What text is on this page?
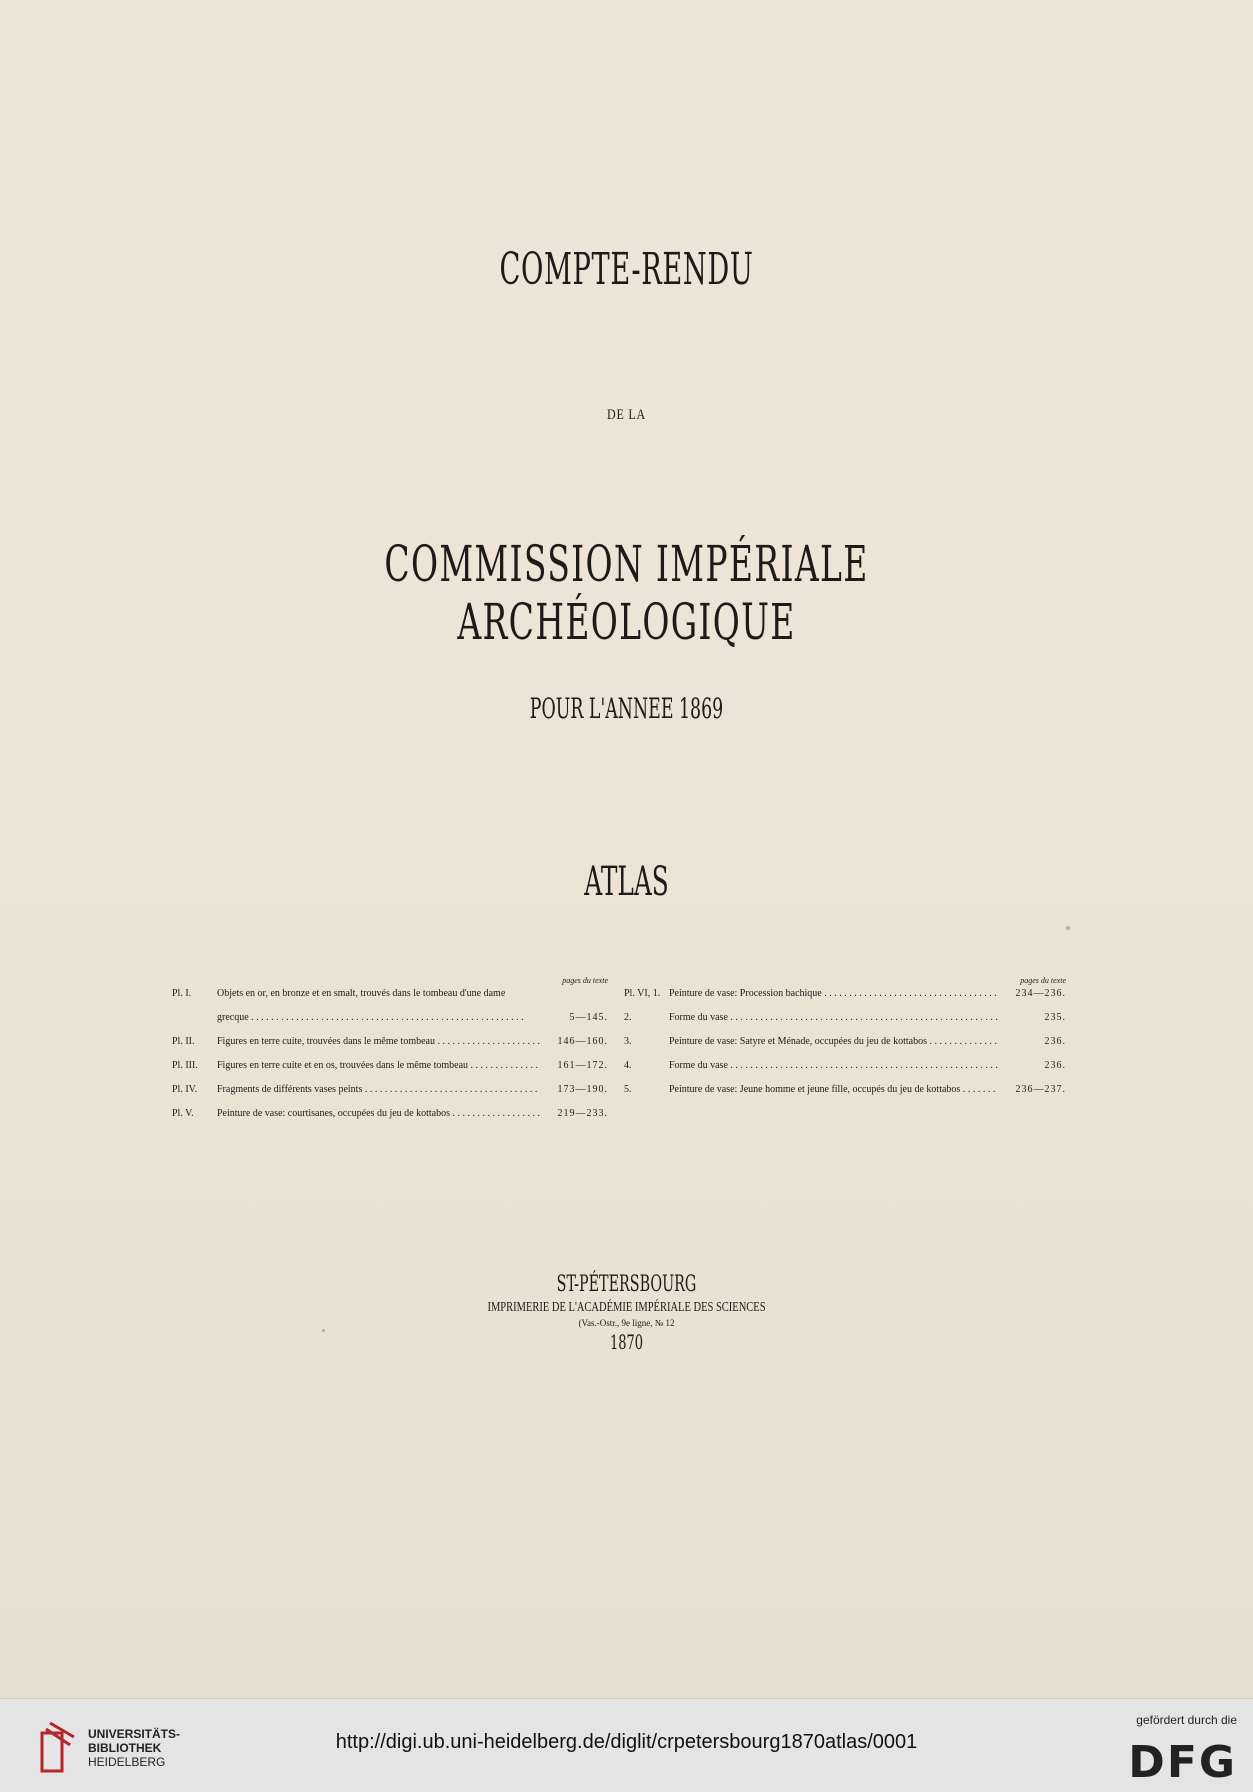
COMPTE-RENDU
DE LA
COMMISSION IMPÉRIALE ARCHÉOLOGIQUE
POUR L'ANNEE 1869
ATLAS
pages du texte
Pl. I.	Objets en or, en bronze et en smalt, trouvés dans le tombeau d'une dame
grecque . . .	5—145.
Pl. II.	Figures en terre cuite, trouvées dans le même tombeau . . .	146—160.
Pl. III.	Figures en terre cuite et en os, trouvées dans le même tombeau . . .	161—172.
Pl. IV.	Fragments de différents vases peints . . .	173—190.
Pl. V.	Peinture de vase: courtisanes, occupées du jeu de kottabos . . .	219—233.
pages du texte
Pl. VI, 1. Peinture de vase: Procession bachique . . .	234—236.
2.	Forme du vase . . .	235.
3.	Peinture de vase: Satyre et Ménade, occupées du jeu de kottabos . . .	236.
4.	Forme du vase . . .	236.
5.	Peinture de vase: Jeune homme et jeune fille, occupés du jeu de kottabos . . .	236—237.
ST-PÉTERSBOURG
IMPRIMERIE DE L'ACADÉMIE IMPÉRIALE DES SCIENCES
(Vas.-Ostr., 9e ligne, № 12
1870
UNIVERSITÄTS-
BIBLIOTHEK
HEIDELBERG
http://digi.ub.uni-heidelberg.de/diglit/crpetersbourg1870atlas/0001
gefördert durch die
DFG
